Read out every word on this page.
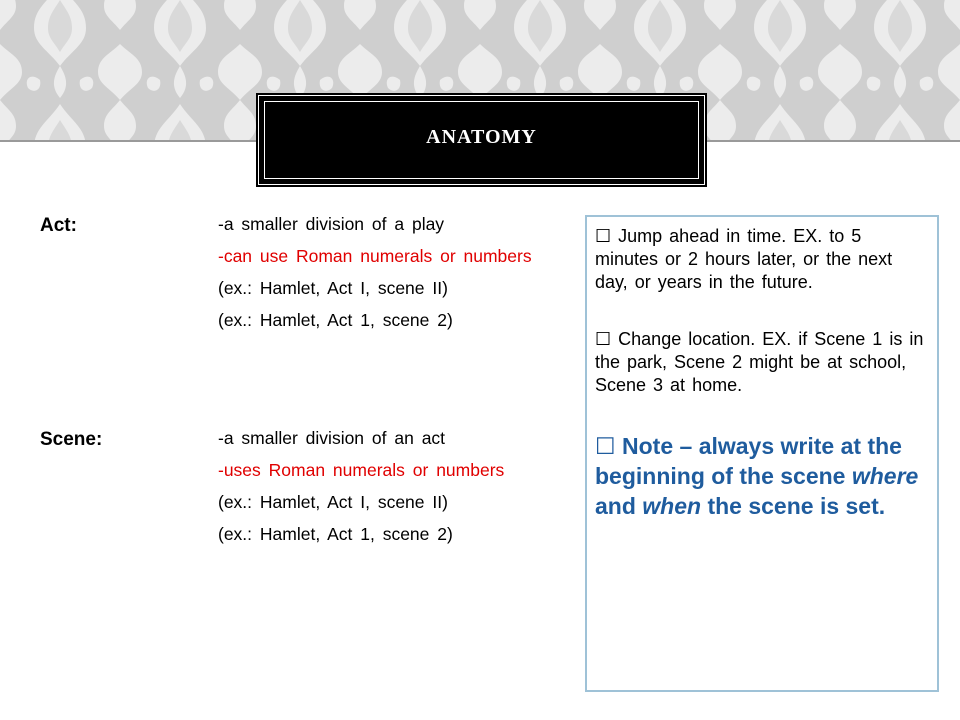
ANATOMY
Act:	-a smaller division of a play
-can use Roman numerals or numbers
(ex.: Hamlet, Act I, scene II)
(ex.: Hamlet, Act 1, scene 2)
Scene:	-a smaller division of an act
-uses Roman numerals or numbers
(ex.: Hamlet, Act I, scene II)
(ex.: Hamlet, Act 1, scene 2)

☐ Jump ahead in time. EX. to 5 minutes or 2 hours later, or the next day, or years in the future.

☐ Change location. EX. if Scene 1 is in the park, Scene 2 might be at school, Scene 3 at home.

☐ Note – always write at the beginning of the scene where and when the scene is set.
